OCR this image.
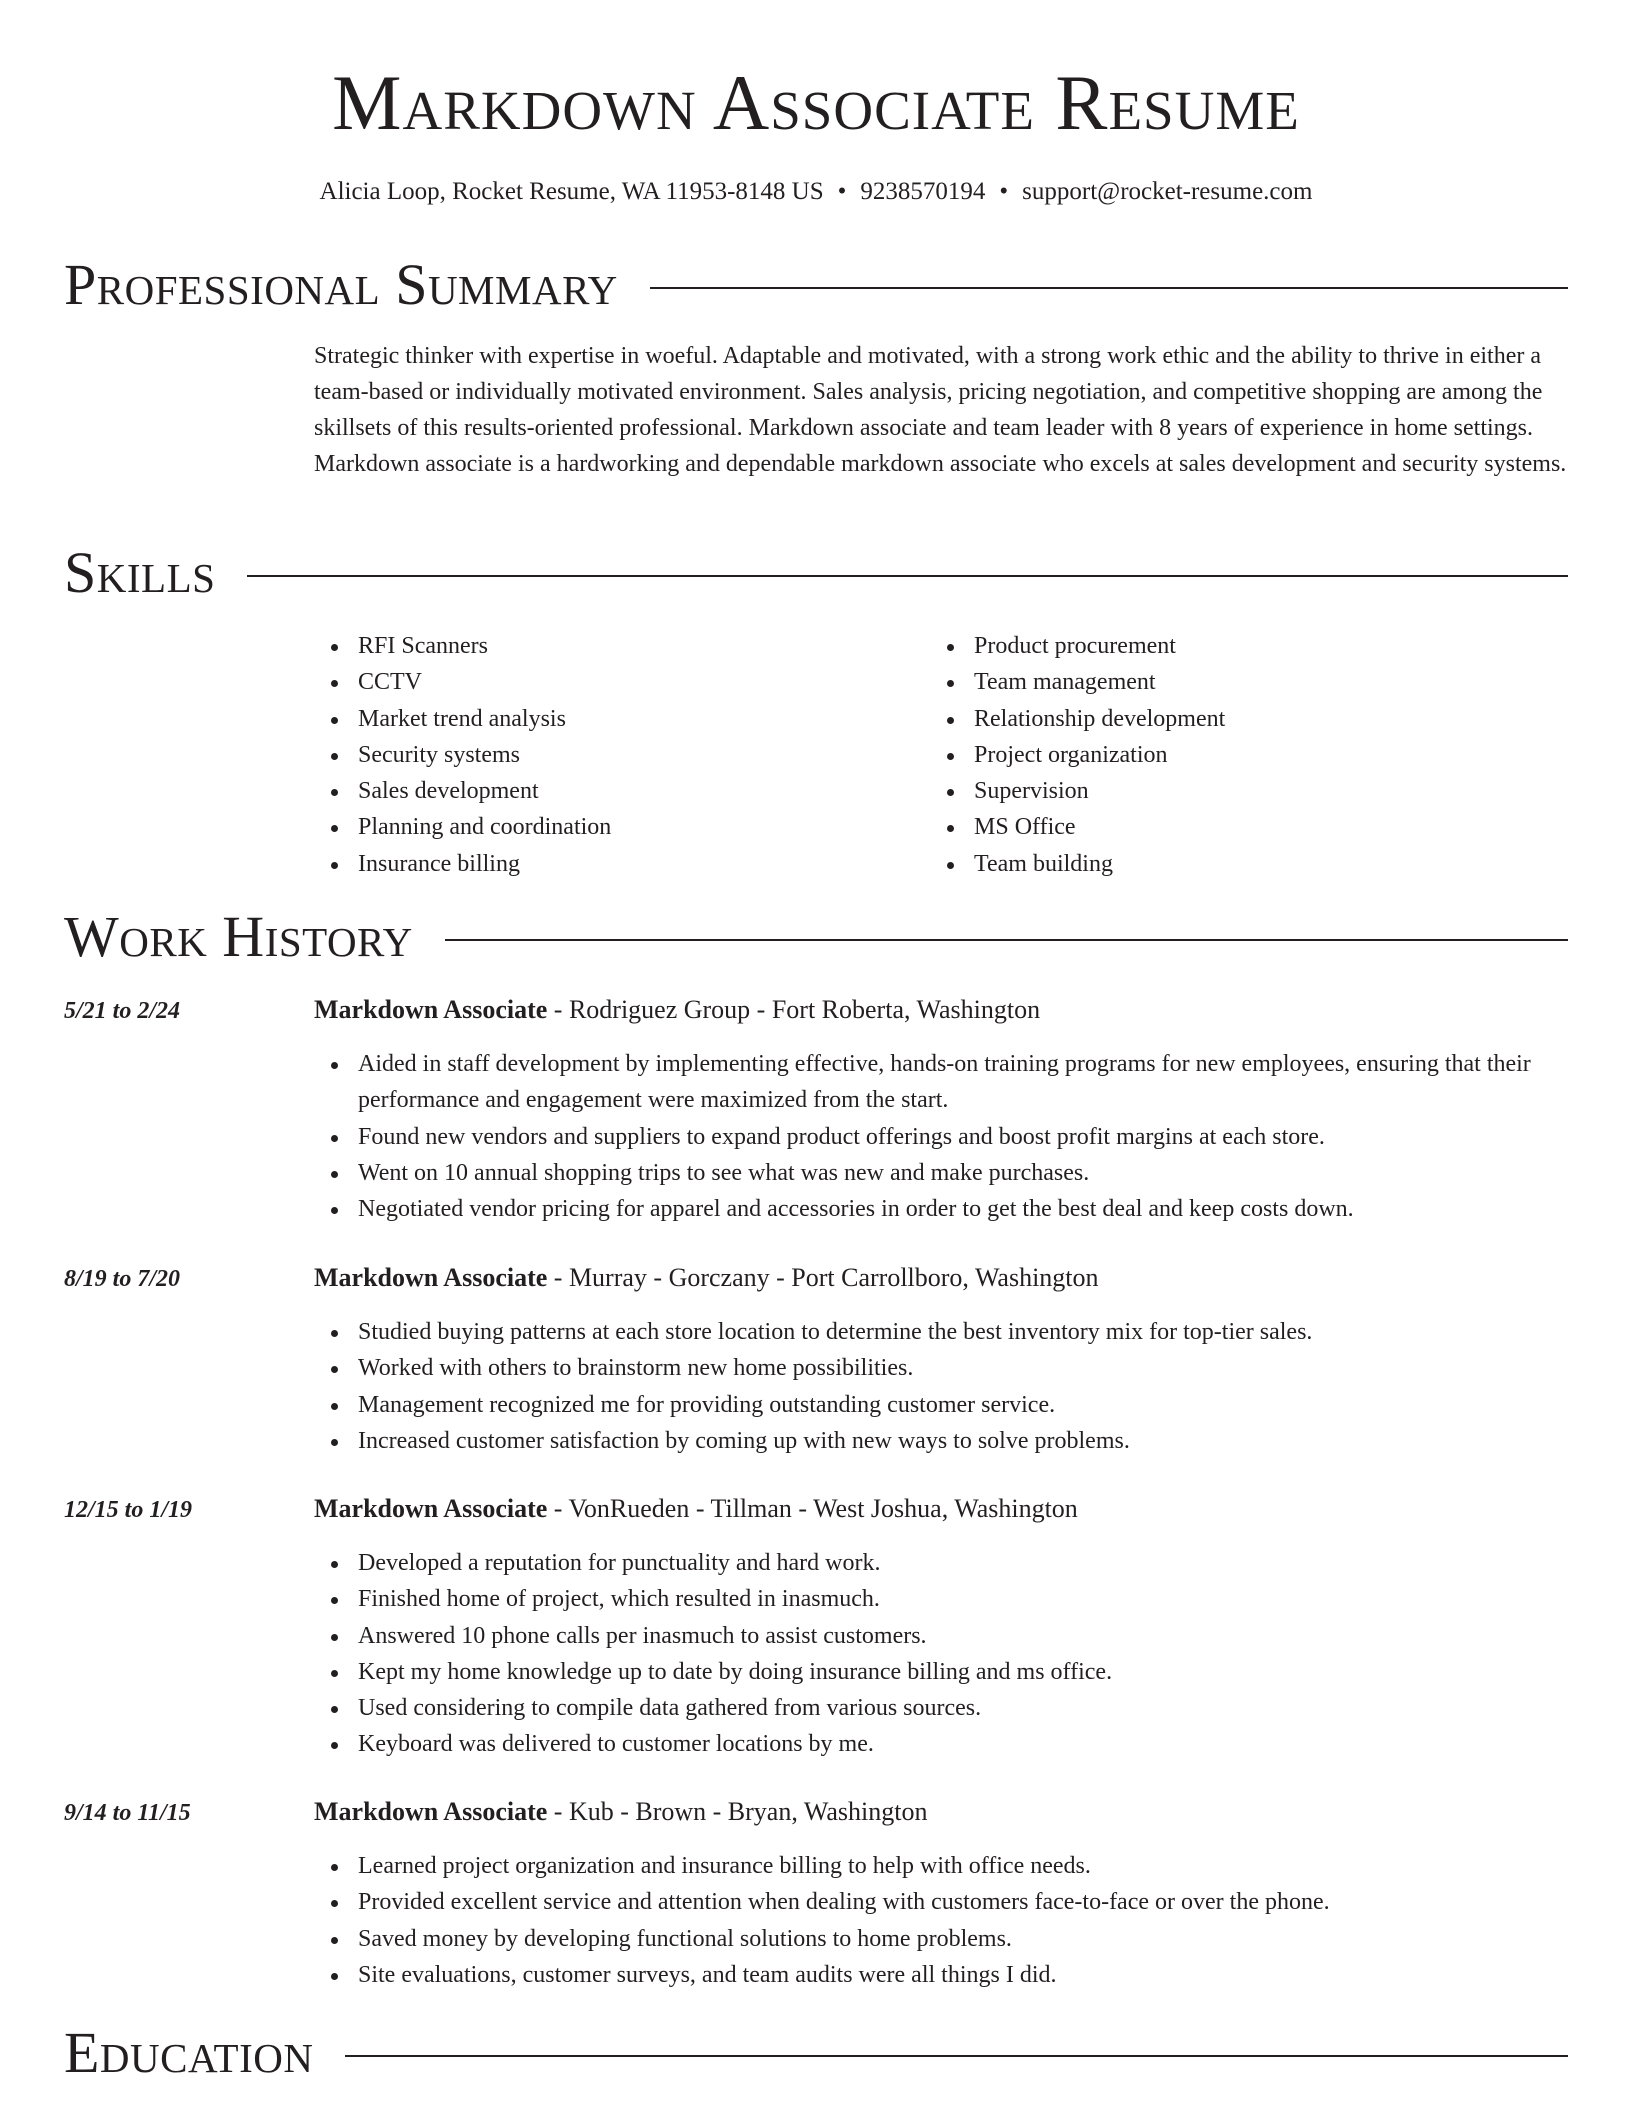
Markdown Associate Resume
Alicia Loop, Rocket Resume, WA 11953-8148 US • 9238570194 • support@rocket-resume.com
Professional Summary

Strategic thinker with expertise in woeful. Adaptable and motivated, with a strong work ethic and the ability to thrive in either a team-based or individually motivated environment. Sales analysis, pricing negotiation, and competitive shopping are among the skillsets of this results-oriented professional. Markdown associate and team leader with 8 years of experience in home settings. Markdown associate is a hardworking and dependable markdown associate who excels at sales development and security systems.

Skills
RFI Scanners
CCTV
Market trend analysis
Security systems
Sales development
Planning and coordination
Insurance billing
Product procurement
Team management
Relationship development
Project organization
Supervision
MS Office
Team building
Work History
5/21 to 2/24	Markdown Associate - Rodriguez Group - Fort Roberta, Washington
Aided in staff development by implementing effective, hands-on training programs for new employees, ensuring that their performance and engagement were maximized from the start.
Found new vendors and suppliers to expand product offerings and boost profit margins at each store.
Went on 10 annual shopping trips to see what was new and make purchases.
Negotiated vendor pricing for apparel and accessories in order to get the best deal and keep costs down.
8/19 to 7/20	Markdown Associate - Murray - Gorczany - Port Carrollboro, Washington
Studied buying patterns at each store location to determine the best inventory mix for top-tier sales.
Worked with others to brainstorm new home possibilities.
Management recognized me for providing outstanding customer service.
Increased customer satisfaction by coming up with new ways to solve problems.
12/15 to 1/19	Markdown Associate - VonRueden - Tillman - West Joshua, Washington
Developed a reputation for punctuality and hard work.
Finished home of project, which resulted in inasmuch.
Answered 10 phone calls per inasmuch to assist customers.
Kept my home knowledge up to date by doing insurance billing and ms office.
Used considering to compile data gathered from various sources.
Keyboard was delivered to customer locations by me.
9/14 to 11/15	Markdown Associate - Kub - Brown - Bryan, Washington
Learned project organization and insurance billing to help with office needs.
Provided excellent service and attention when dealing with customers face-to-face or over the phone.
Saved money by developing functional solutions to home problems.
Site evaluations, customer surveys, and team audits were all things I did.
Education
